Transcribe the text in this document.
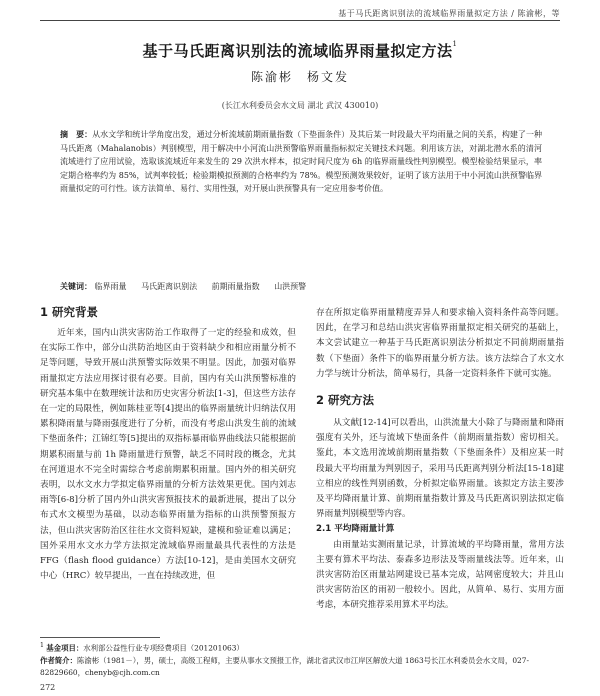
基于马氏距离识别法的流域临界雨量拟定方法 / 陈渝彬，等
基于马氏距离识别法的流域临界雨量拟定方法$^1$
陈渝彬　杨文发
(长江水利委员会水文局 湖北 武汉 430010)
摘　要：从水文学和统计学角度出发，通过分析流域前期雨量指数（下垫面条件）及其后某一时段最大平均雨量之间的关系，构建了一种马氏距离（Mahalanobis）判别模型，用于解决中小河流山洪预警临界雨量指标拟定关键技术问题。利用该方法，对湖北潜水系的清河流域进行了应用试验，选取该流域近年来发生的 29 次洪水样本，拟定时间尺度为 6h 的临界雨量线性判别模型。模型检验结果显示，率定期合格率约为 85%，试判率较低；检验期模拟预测的合格率约为 78%。模型预测效果较好，证明了该方法用于中小河流山洪预警临界雨量拟定的可行性。该方法简单、易行、实用性强，对开展山洪预警具有一定应用参考价值。
关键词： 临界雨量 马氏距离识别法 前期雨量指数 山洪预警
1 研究背景

近年来，国内山洪灾害防治工作取得了一定的经验和成效，但在实际工作中，部分山洪防治地区由于资料缺少和相应雨量分析不足等问题，导致开展山洪预警实际效果不明显。因此，加强对临界雨量拟定方法应用探讨很有必要。目前，国内有关山洪预警标准的研究基本集中在数理统计法和历史灾害分析法[1-3]，但这些方法存在一定的局限性，例如陈桂亚等[4]提出的临界雨量统计归纳法仅用累积降雨量与降雨强度进行了分析，而没有考虑山洪发生前的流域下垫面条件；江锦红等[5]提出的双指标暴雨临界曲线法只能根据前期累积雨量与前 1h 降雨量进行预警，缺乏不同时段的概念，尤其在河道退水不完全时需综合考虑前期累积雨量。国内外的相关研究表明，以水文水力学拟定临界雨量的分析方法效果更优。国内刘志雨等[6-8]分析了国内外山洪灾害预报技术的最新进展，提出了以分布式水文模型为基础，以动态临界雨量为指标的山洪预警预报方法，但山洪灾害防治区往往水文资料短缺，建模和验证难以满足；国外采用水文水力学方法拟定流域临界雨量最具代表性的方法是 FFG（flash flood guidance）方法[10-12]，是由美国水文研究中心（HRC）较早提出，一直在持续改进，但

存在所拟定临界雨量精度弄异人和要求输入资料条件高等问题。因此，在学习和总结山洪灾害临界雨量拟定相关研究的基础上，本文尝试建立一种基于马氏距离识别法分析拟定不同前期雨量指数（下垫面）条件下的临界雨量分析方法。该方法综合了水文水力学与统计分析法，简单易行，具备一定资料条件下就可实施。

2 研究方法

从文献[12-14]可以看出，山洪流量大小除了与降雨量和降雨强度有关外，还与流域下垫面条件（前期雨量指数）密切相关。鉴此，本文选用流域前期雨量指数（下垫面条件）及相应某一时段最大平均雨量为判别因子，采用马氏距离判别分析法[15-18]建立相应的线性判别函数，分析拟定临界雨量。该拟定方法主要涉及平均降雨量计算、前期雨量指数计算及马氏距离识别法拟定临界雨量判别模型等内容。

2.1 平均降雨量计算

由雨量站实测雨量记录，计算流域的平均降雨量，常用方法主要有算术平均法、泰森多边形法及等雨量线法等。近年来，山洪灾害防治区雨量站网建设已基本完成，站网密度较大；并且山洪灾害防治区的雨初一般较小。因此，从简单、易行、实用方面考虑，本研究推荐采用算术平均法。

$^1$ 基金项目：水利部公益性行业专项经费项目（201201063）

作者简介：陈渝彬（1981－），男，硕士，高级工程师，主要从事水文预报工作，湖北省武汉市江岸区解放大道 1863号长江水利委员会水文局，027-82829660，chenyb@cjh.com.cn

272
